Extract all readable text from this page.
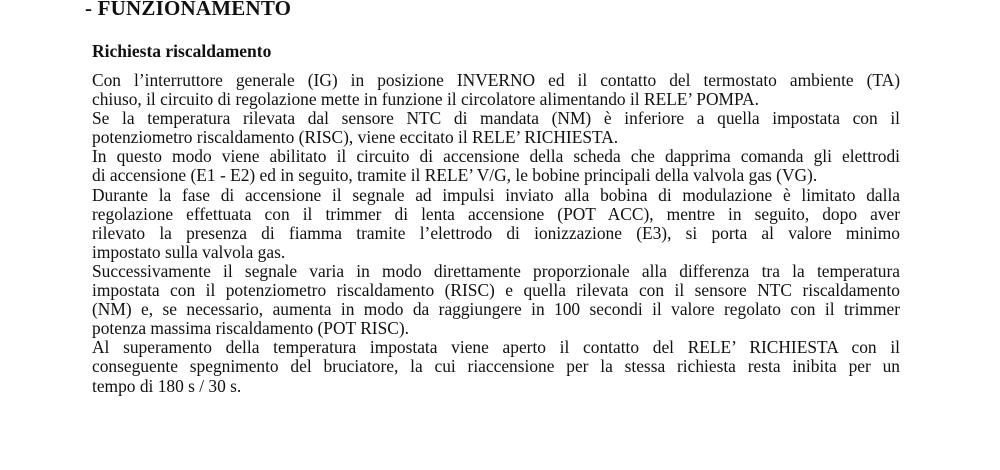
- FUNZIONAMENTO
Richiesta riscaldamento
Con l’interruttore generale (IG) in posizione INVERNO ed il contatto del termostato ambiente (TA)
chiuso, il circuito di regolazione mette in funzione il circolatore alimentando il RELE’ POMPA.
Se la temperatura rilevata dal sensore NTC di mandata (NM) è inferiore a quella impostata con il
potenziometro riscaldamento (RISC), viene eccitato il RELE’ RICHIESTA.
In questo modo viene abilitato il circuito di accensione della scheda che dapprima comanda gli elettrodi
di accensione (E1 - E2) ed in seguito, tramite il RELE’ V/G, le bobine principali della valvola gas (VG).
Durante la fase di accensione il segnale ad impulsi inviato alla bobina di modulazione è limitato dalla
regolazione effettuata con il trimmer di lenta accensione (POT ACC), mentre in seguito, dopo aver
rilevato la presenza di fiamma tramite l’elettrodo di ionizzazione (E3), si porta al valore minimo
impostato sulla valvola gas.
Successivamente il segnale varia in modo direttamente proporzionale alla differenza tra la temperatura
impostata con il potenziometro riscaldamento (RISC) e quella rilevata con il sensore NTC riscaldamento
(NM) e, se necessario, aumenta in modo da raggiungere in 100 secondi il valore regolato con il trimmer
potenza massima riscaldamento (POT RISC).
Al superamento della temperatura impostata viene aperto il contatto del RELE’ RICHIESTA con il
conseguente spegnimento del bruciatore, la cui riaccensione per la stessa richiesta resta inibita per un
tempo di 180 s / 30 s.
